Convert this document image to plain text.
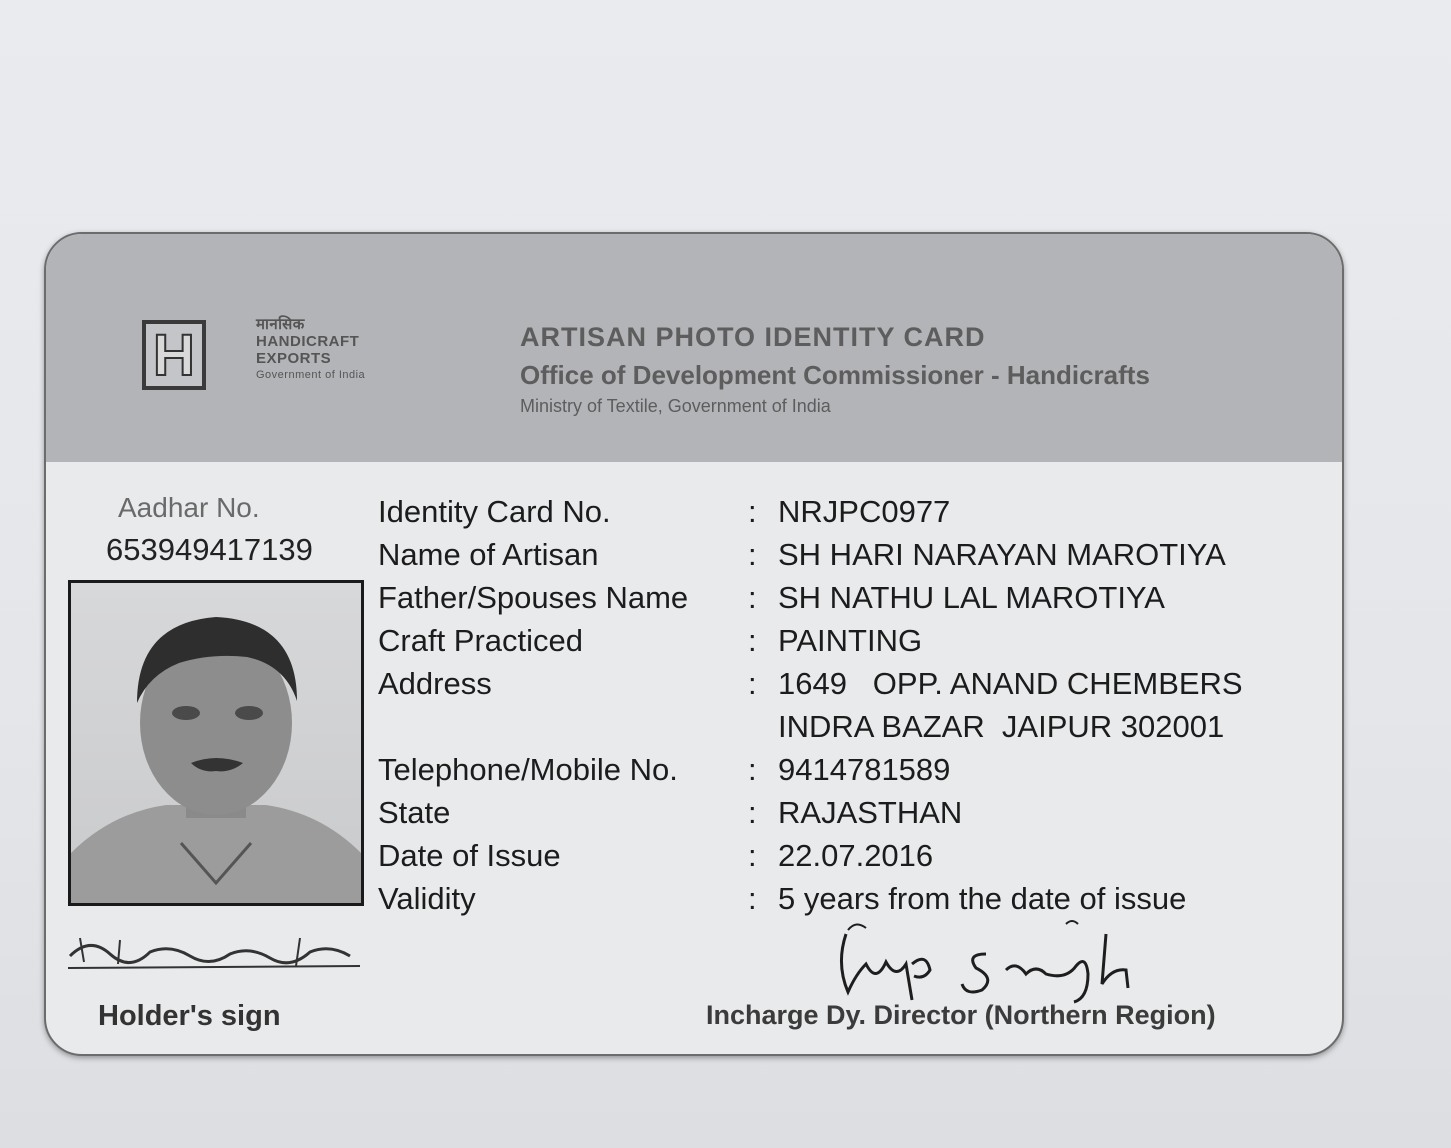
H	मानसिक
HANDICRAFT
EXPORTS
Government of India
ARTISAN PHOTO IDENTITY CARD
Office of Development Commissioner - Handicrafts
Ministry of Textile, Government of India
Aadhar No.
653949417139
Identity Card No.	: NRJPC0977
Name of Artisan	: SH HARI NARAYAN MAROTIYA
Father/Spouses Name	: SH NATHU LAL MAROTIYA
Craft Practiced	: PAINTING
Address	: 1649   OPP. ANAND CHEMBERS
INDRA BAZAR  JAIPUR 302001
Telephone/Mobile No.	: 9414781589
State	: RAJASTHAN
Date of Issue	: 22.07.2016
Validity	: 5 years from the date of issue
Holder's sign	Incharge Dy. Director (Northern Region)
